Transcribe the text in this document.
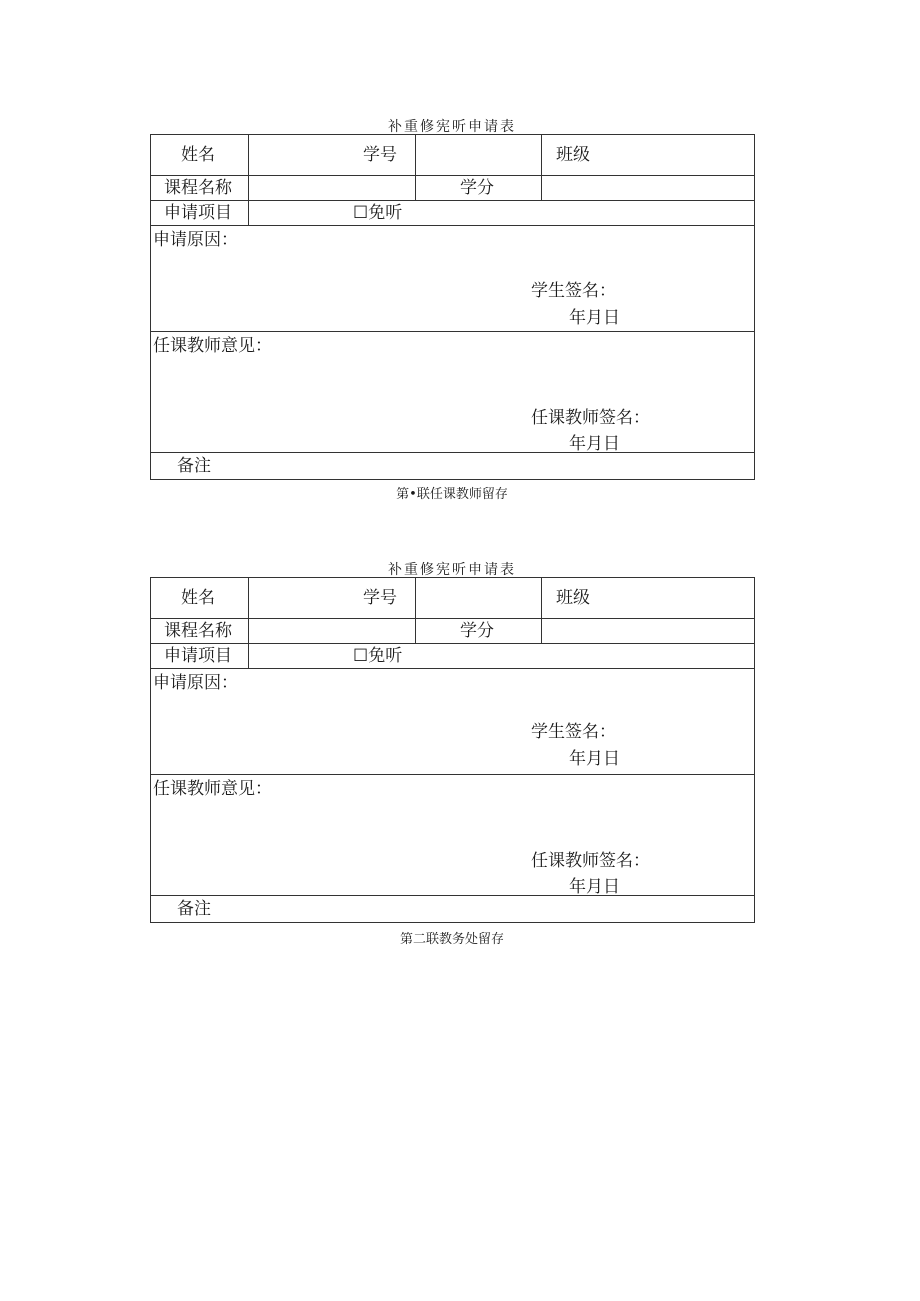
补重修宪听申请表
姓名	学号	班级
课程名称	学分
申请项目	☐免听
申请原因：
学生签名：
年月日
任课教师意见：
任课教师签名：
年月日
备注
第•联任课教师留存
补重修宪听申请表
姓名	学号	班级
课程名称	学分
申请项目	☐免听
申请原因：
学生签名：
年月日
任课教师意见：
任课教师签名：
年月日
备注
第二联教务处留存
